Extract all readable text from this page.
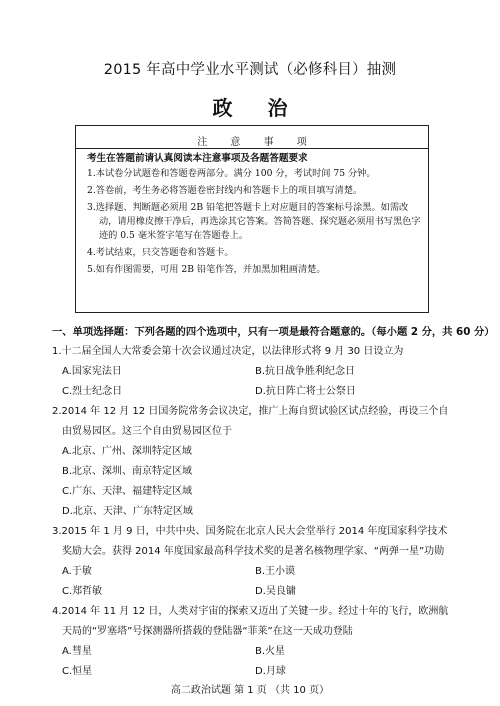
2015 年高中学业水平测试（必修科目）抽测
政 治
注 意 事 项
考生在答题前请认真阅读本注意事项及各题答题要求
1.本试卷分试题卷和答题卷两部分。满分 100 分，考试时间 75 分钟。
2.答卷前，考生务必将答题卷密封线内和答题卡上的项目填写清楚。
3.选择题、判断题必须用 2B 铅笔把答题卡上对应题目的答案标号涂黑。如需改动，请用橡皮擦干净后，再选涂其它答案。答简答题、探究题必须用书写黑色字迹的 0.5 毫米签字笔写在答题卷上。
4.考试结束，只交答题卷和答题卡。
5.如有作图需要，可用 2B 铅笔作答，并加黑加粗画清楚。
一、单项选择题：下列各题的四个选项中，只有一项是最符合题意的。（每小题 2 分，共 60 分）
1.十二届全国人大常委会第十次会议通过决定，以法律形式将 9 月 30 日设立为
A.国家宪法日	B.抗日战争胜利纪念日
C.烈士纪念日	D.抗日阵亡将士公祭日
2.2014 年 12 月 12 日国务院常务会议决定，推广上海自贸试验区试点经验，再设三个自由贸易园区。这三个自由贸易园区位于
A.北京、广州、深圳特定区域
B.北京、深圳、南京特定区域
C.广东、天津、福建特定区域
D.北京、天津、广东特定区域
3.2015 年 1 月 9 日，中共中央、国务院在北京人民大会堂举行 2014 年度国家科学技术奖励大会。获得 2014 年度国家最高科学技术奖的是著名核物理学家、“两弹一星”功勋
A.于敏	B.王小谟
C.郑哲敏	D.吴良镛
4.2014 年 11 月 12 日，人类对宇宙的探索又迈出了关键一步。经过十年的飞行，欧洲航天局的“罗塞塔”号探测器所搭载的登陆器“菲莱”在这一天成功登陆
A.彗星	B.火星
C.恒星	D.月球
高二政治试题 第 1 页 （共 10 页）
